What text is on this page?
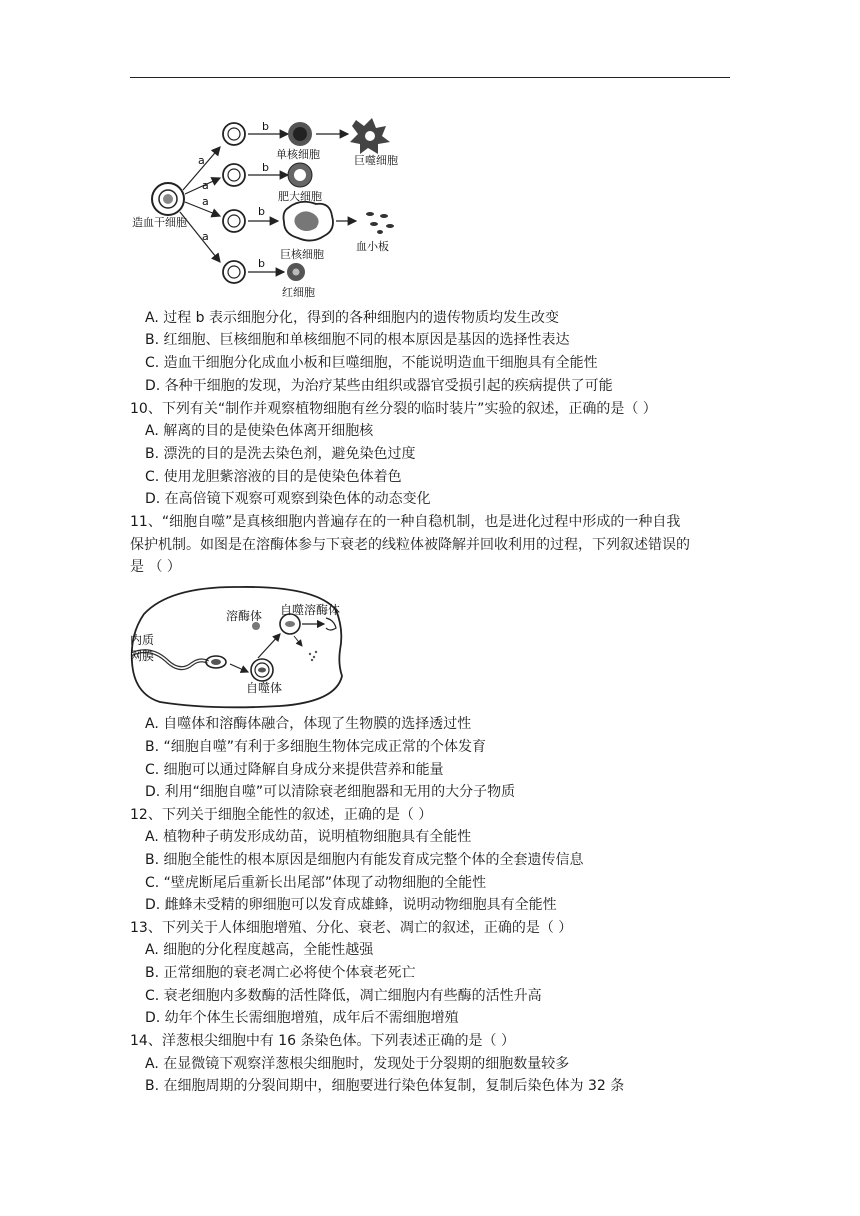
造血干细胞
a
a
a
a
b
单核细胞	巨噬细胞
b
肥大细胞
b
巨核细胞
血小板
b
红细胞
A. 过程 b 表示细胞分化，得到的各种细胞内的遗传物质均发生改变
B. 红细胞、巨核细胞和单核细胞不同的根本原因是基因的选择性表达
C. 造血干细胞分化成血小板和巨噬细胞，不能说明造血干细胞具有全能性
D. 各种干细胞的发现，为治疗某些由组织或器官受损引起的疾病提供了可能
10、下列有关“制作并观察植物细胞有丝分裂的临时装片”实验的叙述，正确的是（ ）
A. 解离的目的是使染色体离开细胞核
B. 漂洗的目的是洗去染色剂，避免染色过度
C. 使用龙胆紫溶液的目的是使染色体着色
D. 在高倍镜下观察可观察到染色体的动态变化
11、“细胞自噬”是真核细胞内普遍存在的一种自稳机制，也是进化过程中形成的一种自我
保护机制。如图是在溶酶体参与下衰老的线粒体被降解并回收利用的过程，下列叙述错误的
是 （ ）
自噬体
溶酶体 自噬溶酶体
内质
网膜
A. 自噬体和溶酶体融合，体现了生物膜的选择透过性
B. “细胞自噬”有利于多细胞生物体完成正常的个体发育
C. 细胞可以通过降解自身成分来提供营养和能量
D. 利用“细胞自噬”可以清除衰老细胞器和无用的大分子物质
12、下列关于细胞全能性的叙述，正确的是（ ）
A. 植物种子萌发形成幼苗，说明植物细胞具有全能性
B. 细胞全能性的根本原因是细胞内有能发育成完整个体的全套遗传信息
C. “壁虎断尾后重新长出尾部”体现了动物细胞的全能性
D. 雌蜂未受精的卵细胞可以发育成雄蜂，说明动物细胞具有全能性
13、下列关于人体细胞增殖、分化、衰老、凋亡的叙述，正确的是（ ）
A. 细胞的分化程度越高，全能性越强
B. 正常细胞的衰老凋亡必将使个体衰老死亡
C. 衰老细胞内多数酶的活性降低，凋亡细胞内有些酶的活性升高
D. 幼年个体生长需细胞增殖，成年后不需细胞增殖
14、洋葱根尖细胞中有 16 条染色体。下列表述正确的是（ ）
A. 在显微镜下观察洋葱根尖细胞时，发现处于分裂期的细胞数量较多
B. 在细胞周期的分裂间期中，细胞要进行染色体复制，复制后染色体为 32 条
